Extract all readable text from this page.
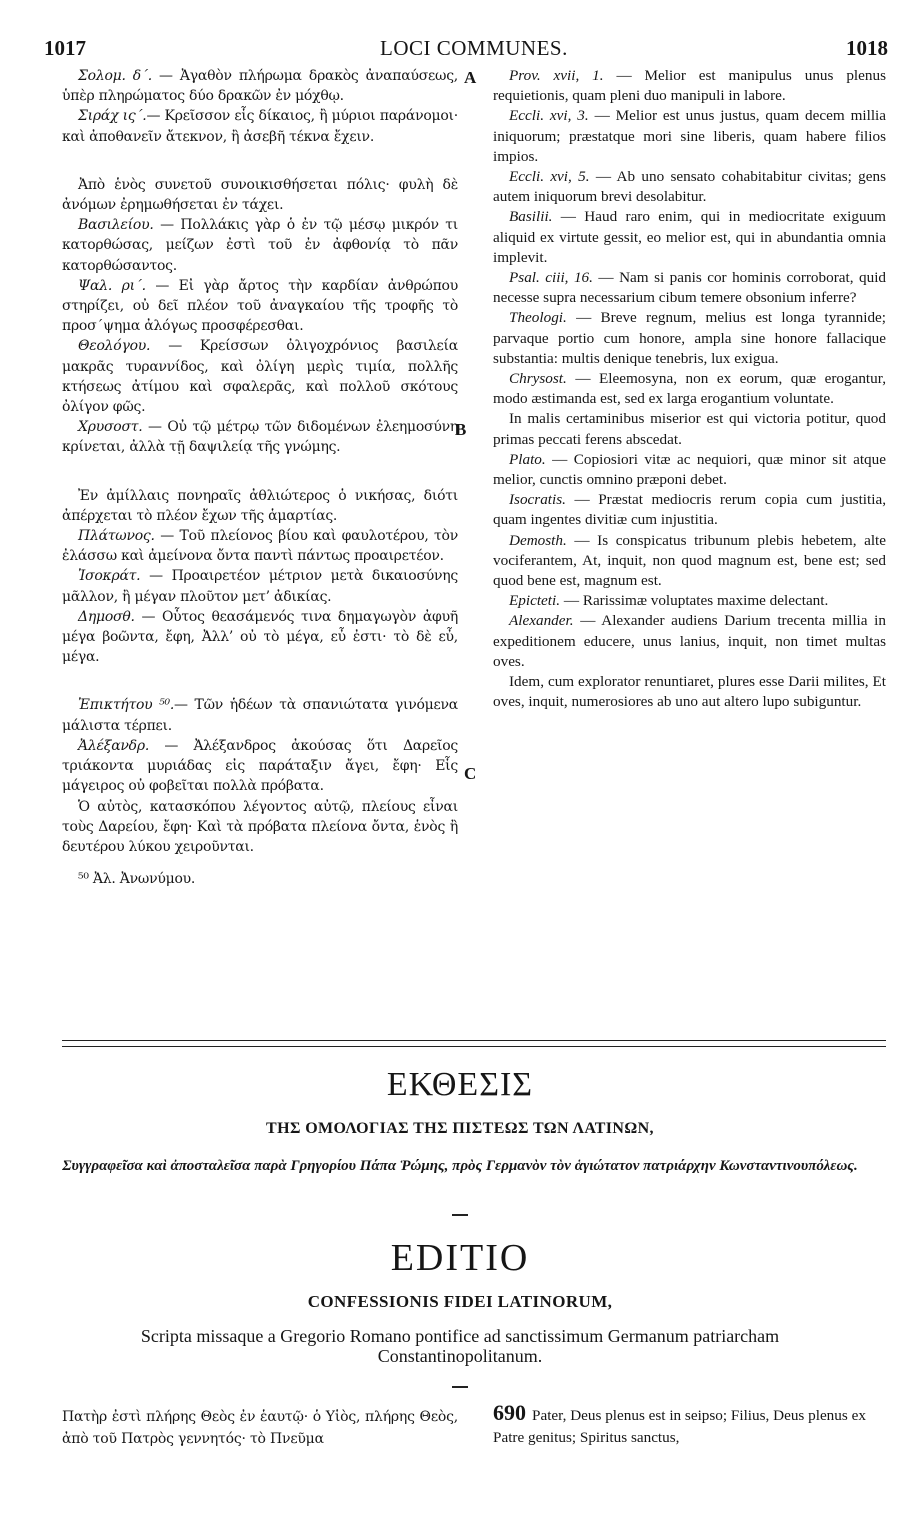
1017	LOCI COMMUNES.	1018

Σολομ. δ΄. — Ἀγαθὸν πλήρωμα δρακὸς ἀναπαύσεως, ὑπὲρ πληρώματος δύο δρακῶν ἐν μόχθῳ.

Σιράχ ις΄.— Κρεῖσσον εἷς δίκαιος, ἢ μύριοι παράνομοι· καὶ ἀποθανεῖν ἄτεκνον, ἢ ἀσεβῆ τέκνα ἔχειν.

Ἀπὸ ἑνὸς συνετοῦ συνοικισθήσεται πόλις· φυλὴ δὲ ἀνόμων ἐρημωθήσεται ἐν τάχει.

Βασιλείου. — Πολλάκις γὰρ ὁ ἐν τῷ μέσῳ μικρόν τι κατορθώσας, μείζων ἐστὶ τοῦ ἐν ἀφθονίᾳ τὸ πᾶν κατορθώσαντος.

Ψαλ. ρι΄. — Εἰ γὰρ ἄρτος τὴν καρδίαν ἀνθρώπου στηρίζει, οὐ δεῖ πλέον τοῦ ἀναγκαίου τῆς τροφῆς τὸ προσ΄ψημα ἀλόγως προσφέρεσθαι.

Θεολόγου. — Κρείσσων ὀλιγοχρόνιος βασιλεία μακρᾶς τυραννίδος, καὶ ὀλίγη μερὶς τιμία, πολλῆς κτήσεως ἀτίμου καὶ σφαλερᾶς, καὶ πολλοῦ σκότους ὀλίγον φῶς.

Χρυσοστ. — Οὐ τῷ μέτρῳ τῶν διδομένων ἐλεημοσύνη κρίνεται, ἀλλὰ τῇ δαψιλείᾳ τῆς γνώμης.

Ἐν ἀμίλλαις πονηραῖς ἀθλιώτερος ὁ νικήσας, διότι ἀπέρχεται τὸ πλέον ἔχων τῆς ἁμαρτίας.

Πλάτωνος. — Τοῦ πλείονος βίου καὶ φαυλοτέρου, τὸν ἐλάσσω καὶ ἀμείνονα ὄντα παντὶ πάντως προαιρετέον.

Ἰσοκράτ. — Προαιρετέον μέτριον μετὰ δικαιοσύνης μᾶλλον, ἢ μέγαν πλοῦτον μετ’ ἀδικίας.

Δημοσθ. — Οὗτος θεασάμενός τινα δημαγωγὸν ἀφυῆ μέγα βοῶντα, ἔφη, Ἀλλ’ οὐ τὸ μέγα, εὖ ἐστι· τὸ δὲ εὖ, μέγα.

Ἐπικτήτου ⁵⁰.— Τῶν ἡδέων τὰ σπανιώτατα γινόμενα μάλιστα τέρπει.

Ἀλέξανδρ. — Ἀλέξανδρος ἀκούσας ὅτι Δαρεῖος τριάκοντα μυριάδας εἰς παράταξιν ἄγει, ἔφη· Εἷς μάγειρος οὐ φοβεῖται πολλὰ πρόβατα.

Ὁ αὐτὸς, κατασκόπου λέγοντος αὐτῷ, πλείους εἶναι τοὺς Δαρείου, ἔφη· Καὶ τὰ πρόβατα πλείονα ὄντα, ἑνὸς ἢ δευτέρου λύκου χειροῦνται.

⁵⁰ Ἀλ. Ἀνωνύμου.

Prov. xvii, 1. — Melior est manipulus unus plenus requietionis, quam pleni duo manipuli in labore.

Eccli. xvi, 3. — Melior est unus justus, quam decem millia iniquorum; præstatque mori sine liberis, quam habere filios impios.

Eccli. xvi, 5. — Ab uno sensato cohabitabitur civitas; gens autem iniquorum brevi desolabitur.

Basilii. — Haud raro enim, qui in mediocritate exiguum aliquid ex virtute gessit, eo melior est, qui in abundantia omnia implevit.

Psal. ciii, 16. — Nam si panis cor hominis corroborat, quid necesse supra necessarium cibum temere obsonium inferre?

Theologi. — Breve regnum, melius est longa tyrannide; parvaque portio cum honore, ampla sine honore fallacique substantia: multis denique tenebris, lux exigua.

Chrysost. — Eleemosyna, non ex eorum, quæ erogantur, modo æstimanda est, sed ex larga erogantium voluntate.

In malis certaminibus miserior est qui victoria potitur, quod primas peccati ferens abscedat.

Plato. — Copiosiori vitæ ac nequiori, quæ minor sit atque melior, cunctis omnino præponi debet.

Isocratis. — Præstat mediocris rerum copia cum justitia, quam ingentes divitiæ cum injustitia.

Demosth. — Is conspicatus tribunum plebis hebetem, alte vociferantem, At, inquit, non quod magnum est, bene est; sed quod bene est, magnum est.

Epicteti. — Rarissimæ voluptates maxime delectant.

Alexander. — Alexander audiens Darium trecenta millia in expeditionem educere, unus lanius, inquit, non timet multas oves.

Idem, cum explorator renuntiaret, plures esse Darii milites, Et oves, inquit, numerosiores ab uno aut altero lupo subiguntur.

A
B
C
ΕΚΘΕΣΙΣ
ΤΗΣ ΟΜΟΛΟΓΙΑΣ ΤΗΣ ΠΙΣΤΕΩΣ ΤΩΝ ΛΑΤΙΝΩΝ,
Συγγραφεῖσα καὶ ἀποσταλεῖσα παρὰ Γρηγορίου Πάπα Ῥώμης, πρὸς Γερμανὸν τὸν ἁγιώτατον πατριάρχην Κωνσταντινουπόλεως.
EDITIO
CONFESSIONIS FIDEI LATINORUM,
Scripta missaque a Gregorio Romano pontifice ad sanctissimum Germanum patriarcham Constantinopolitanum.
Πατὴρ ἐστὶ πλήρης Θεὸς ἐν ἑαυτῷ· ὁ Υἱὸς, πλήρης Θεὸς, ἀπὸ τοῦ Πατρὸς γεννητός· τὸ Πνεῦμα
690 Pater, Deus plenus est in seipso; Filius, Deus plenus ex Patre genitus; Spiritus sanctus,
